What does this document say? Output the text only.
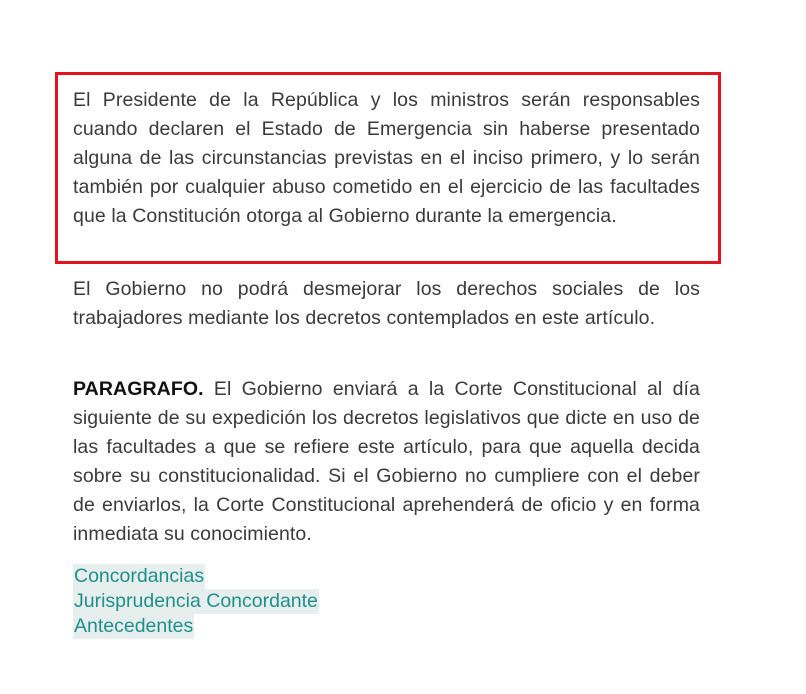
El Presidente de la República y los ministros serán responsables cuando declaren el Estado de Emergencia sin haberse presentado alguna de las circunstancias previstas en el inciso primero, y lo serán también por cualquier abuso cometido en el ejercicio de las facultades que la Constitución otorga al Gobierno durante la emergencia.

El Gobierno no podrá desmejorar los derechos sociales de los trabajadores mediante los decretos contemplados en este artículo.

PARAGRAFO. El Gobierno enviará a la Corte Constitucional al día siguiente de su expedición los decretos legislativos que dicte en uso de las facultades a que se refiere este artículo, para que aquella decida sobre su constitucionalidad. Si el Gobierno no cumpliere con el deber de enviarlos, la Corte Constitucional aprehenderá de oficio y en forma inmediata su conocimiento.

Concordancias
Jurisprudencia Concordante
Antecedentes
